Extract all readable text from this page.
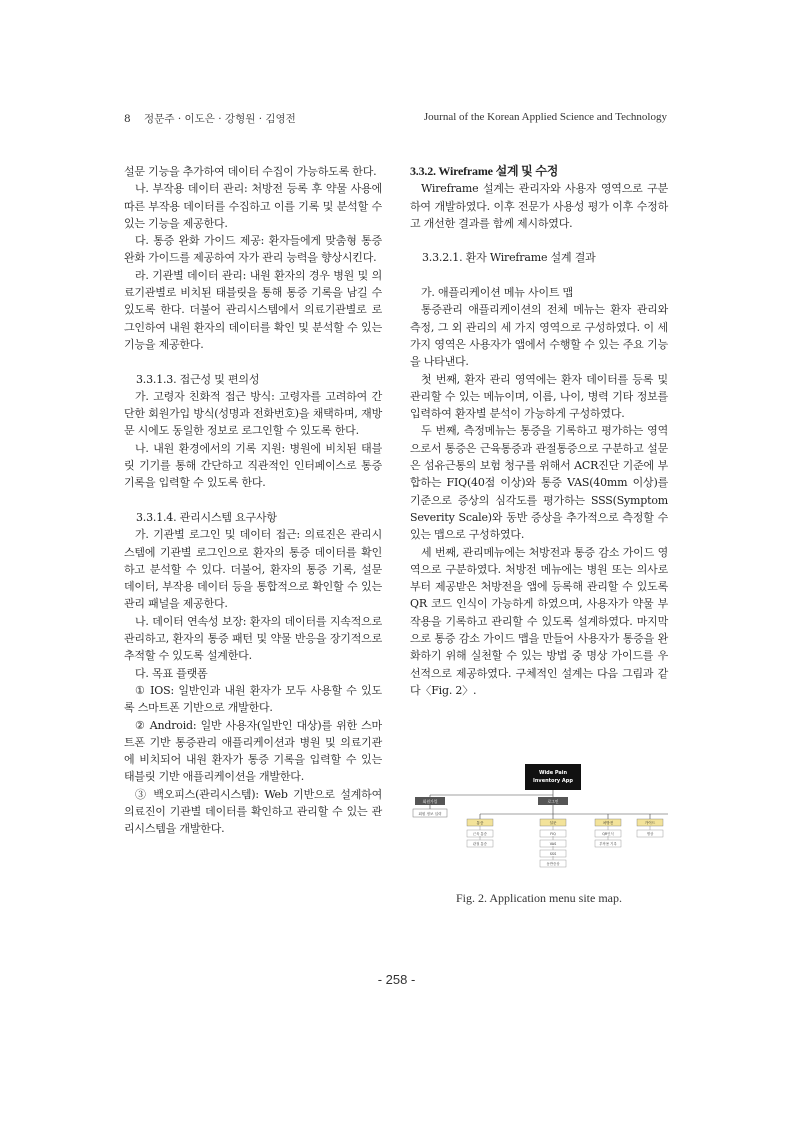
8 정문주 · 이도은 · 강형원 · 김영전	Journal of the Korean Applied Science and Technology

설문 기능을 추가하여 데이터 수집이 가능하도록 한다.

나. 부작용 데이터 관리: 처방전 등록 후 약물 사용에 따른 부작용 데이터를 수집하고 이를 기록 및 분석할 수 있는 기능을 제공한다.

다. 통증 완화 가이드 제공: 환자들에게 맞춤형 통증 완화 가이드를 제공하여 자가 관리 능력을 향상시킨다.

라. 기관별 데이터 관리: 내원 환자의 경우 병원 및 의료기관별로 비치된 태블릿을 통해 통증 기록을 남길 수 있도록 한다. 더불어 관리시스템에서 의료기관별로 로그인하여 내원 환자의 데이터를 확인 및 분석할 수 있는 기능을 제공한다.

3.3.1.3. 접근성 및 편의성

가. 고령자 친화적 접근 방식: 고령자를 고려하여 간단한 회원가입 방식(성명과 전화번호)을 채택하며, 재방문 시에도 동일한 정보로 로그인할 수 있도록 한다.

나. 내원 환경에서의 기록 지원: 병원에 비치된 태블릿 기기를 통해 간단하고 직관적인 인터페이스로 통증 기록을 입력할 수 있도록 한다.

3.3.1.4. 관리시스템 요구사항

가. 기관별 로그인 및 데이터 접근: 의료진은 관리시스템에 기관별 로그인으로 환자의 통증 데이터를 확인하고 분석할 수 있다. 더불어, 환자의 통증 기록, 설문 데이터, 부작용 데이터 등을 통합적으로 확인할 수 있는 관리 패널을 제공한다.

나. 데이터 연속성 보장: 환자의 데이터를 지속적으로 관리하고, 환자의 통증 패턴 및 약물 반응을 장기적으로 추적할 수 있도록 설계한다.

다. 목표 플랫폼

① IOS: 일반인과 내원 환자가 모두 사용할 수 있도록 스마트폰 기반으로 개발한다.

② Android: 일반 사용자(일반인 대상)를 위한 스마트폰 기반 통증관리 애플리케이션과 병원 및 의료기관에 비치되어 내원 환자가 통증 기록을 입력할 수 있는 태블릿 기반 애플리케이션을 개발한다.

③ 백오피스(관리시스템): Web 기반으로 설계하여 의료진이 기관별 데이터를 확인하고 관리할 수 있는 관리시스템을 개발한다.

3.3.2. Wireframe 설계 및 수정

Wireframe 설계는 관리자와 사용자 영역으로 구분하여 개발하였다. 이후 전문가 사용성 평가 이후 수정하고 개선한 결과를 함께 제시하였다.

3.3.2.1. 환자 Wireframe 설계 결과

가. 애플리케이션 메뉴 사이트 맵

통증관리 애플리케이션의 전체 메뉴는 환자 관리와 측정, 그 외 관리의 세 가지 영역으로 구성하였다. 이 세 가지 영역은 사용자가 앱에서 수행할 수 있는 주요 기능을 나타낸다.

첫 번째, 환자 관리 영역에는 환자 데이터를 등록 및 관리할 수 있는 메뉴이며, 이름, 나이, 병력 기타 정보를 입력하여 환자별 분석이 가능하게 구성하였다.

두 번째, 측정메뉴는 통증을 기록하고 평가하는 영역으로서 통증은 근육통증과 관절통증으로 구분하고 설문은 섬유근통의 보험 청구를 위해서 ACR진단 기준에 부합하는 FIQ(40점 이상)와 통증 VAS(40mm 이상)를 기준으로 증상의 심각도를 평가하는 SSS(Symptom Severity Scale)와 동반 증상을 추가적으로 측정할 수 있는 맵으로 구성하였다.

세 번째, 관리메뉴에는 처방전과 통증 감소 가이드 영역으로 구분하였다. 처방전 메뉴에는 병원 또는 의사로부터 제공받은 처방전을 앱에 등록해 관리할 수 있도록 QR 코드 인식이 가능하게 하였으며, 사용자가 약물 부작용을 기록하고 관리할 수 있도록 설계하였다. 마지막으로 통증 감소 가이드 맵을 만들어 사용자가 통증을 완화하기 위해 실천할 수 있는 방법 중 명상 가이드를 우선적으로 제공하였다. 구체적인 설계는 다음 그림과 같다〈Fig. 2〉.

Wide Pain
Inventory App
회원가입
회원 정보 입력
로그인
통증
근육 통증
관절 통증
설문
FIQ
VAS
SSS
동반증상
처방전
QR인식
부작용 기록
가이드
명상
Fig. 2. Application menu site map.
- 258 -
